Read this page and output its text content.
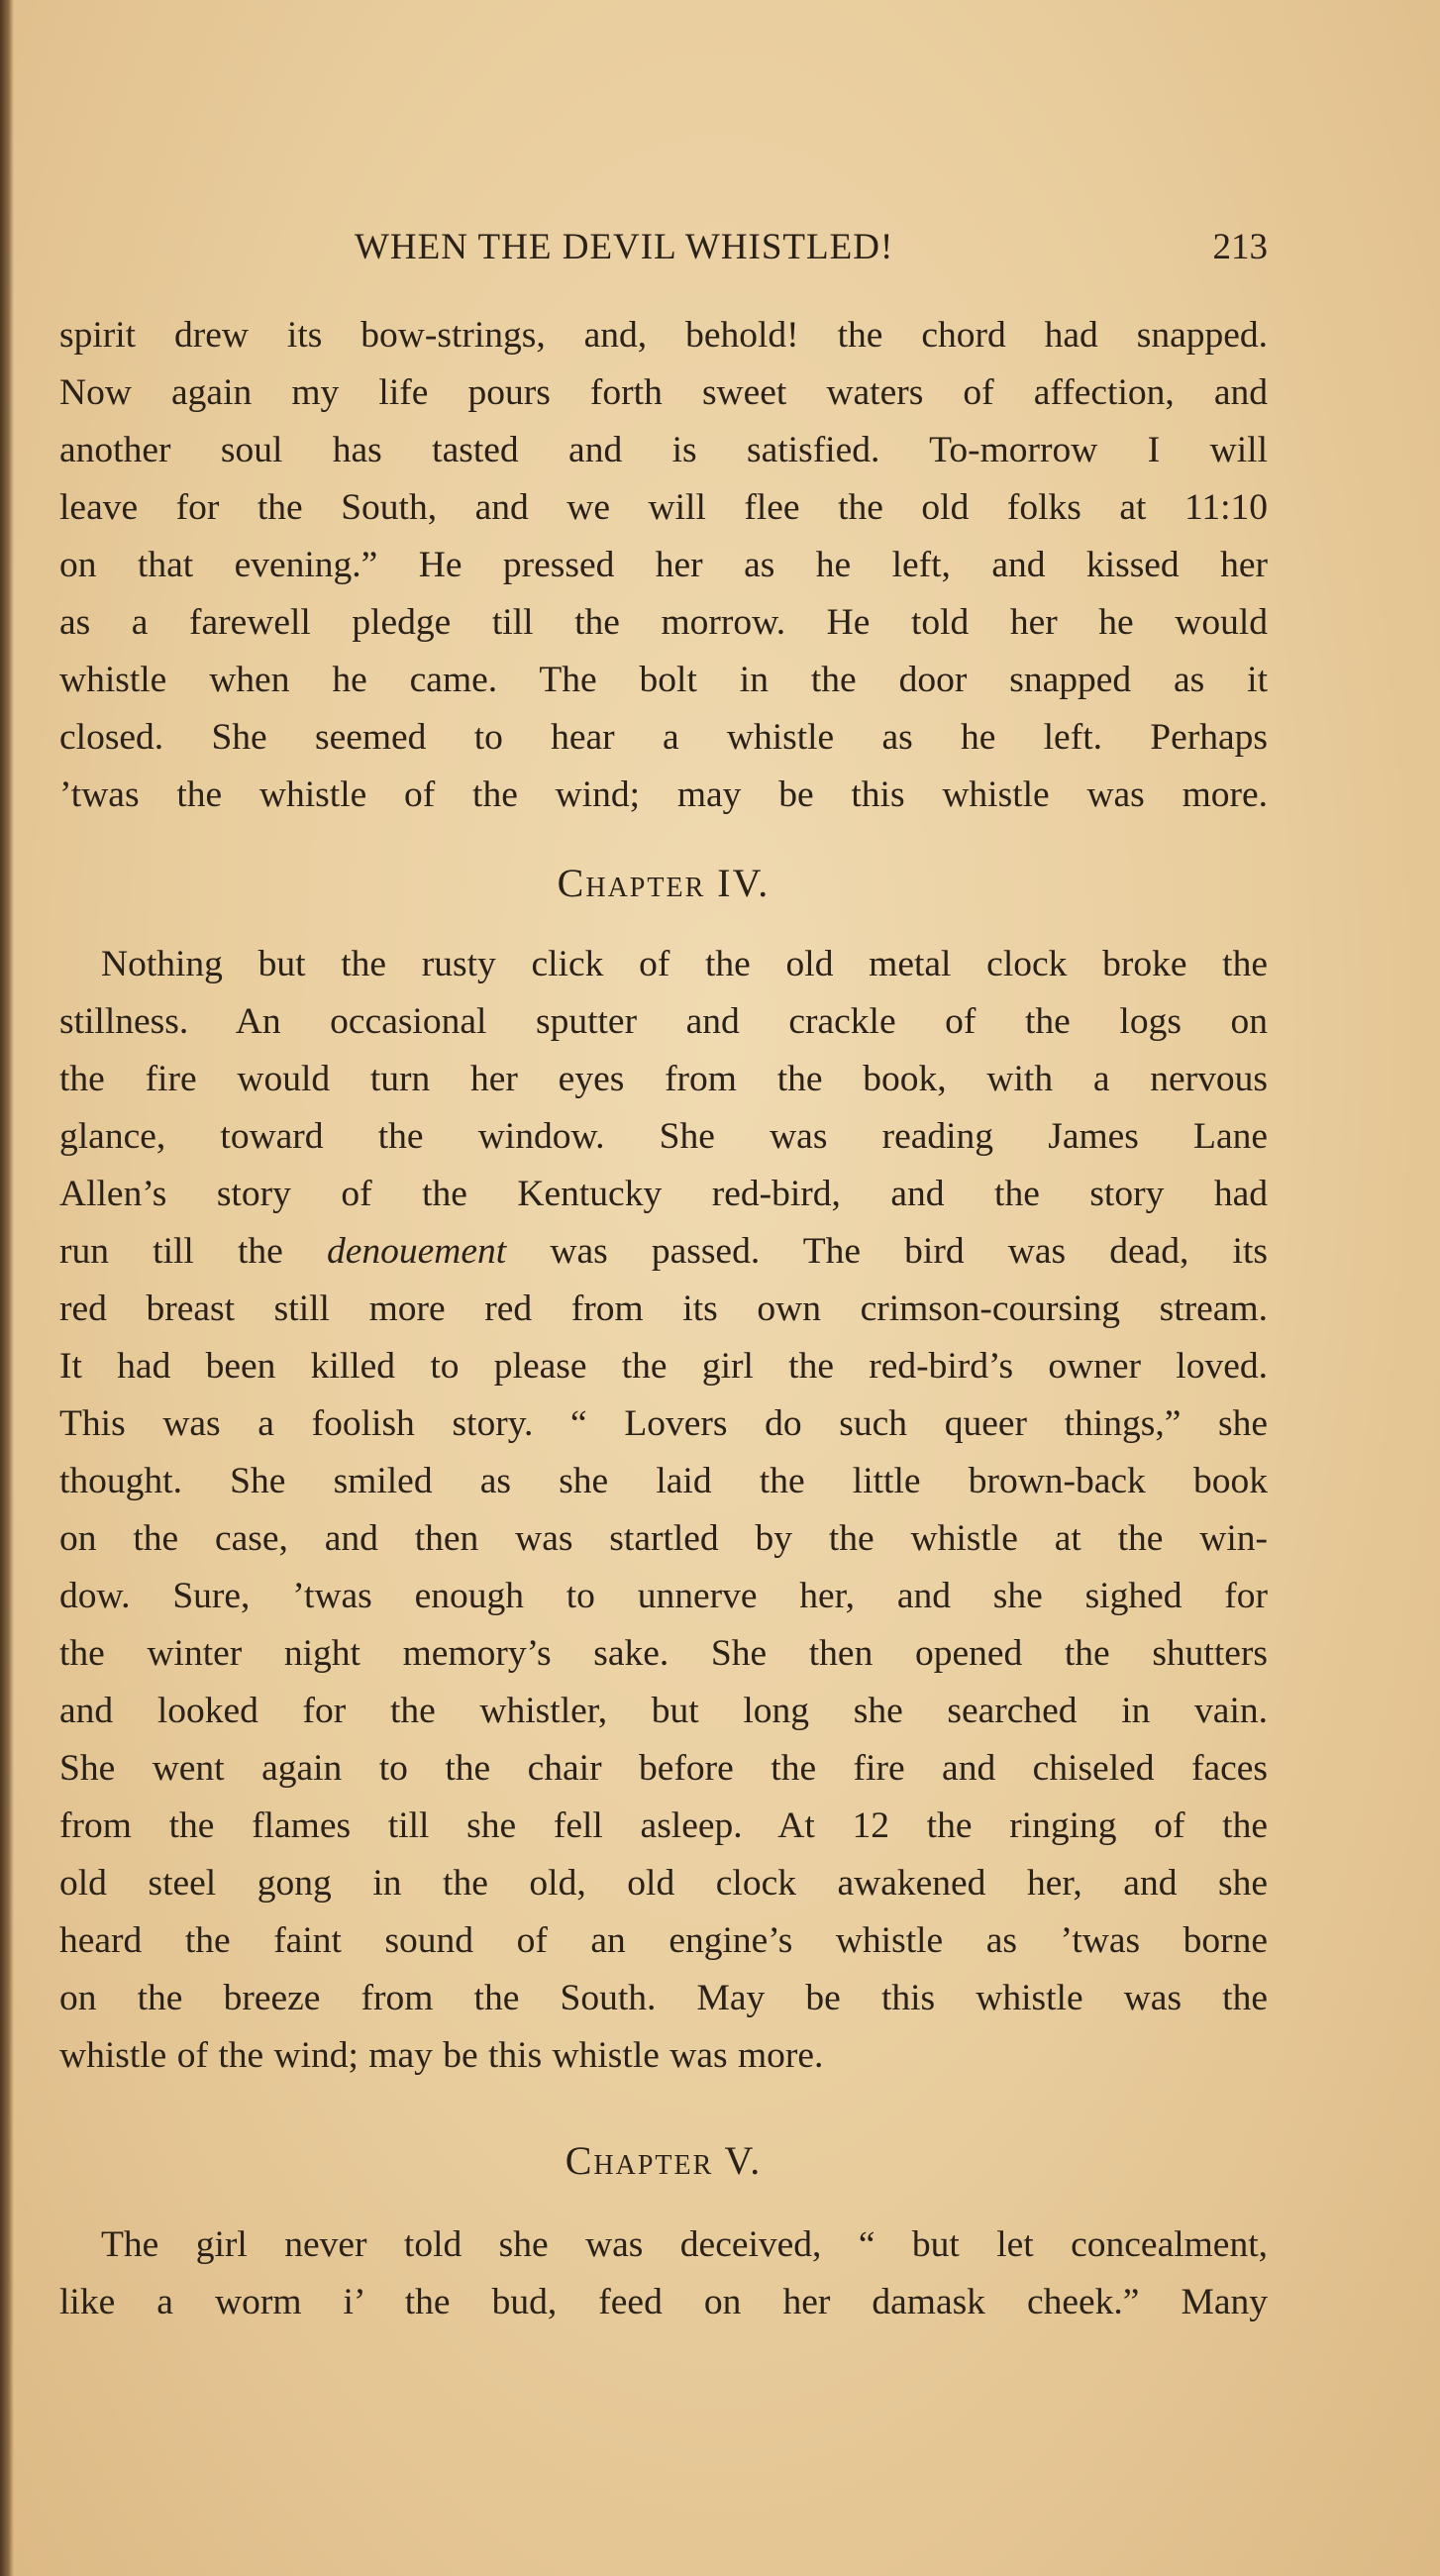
WHEN THE DEVIL WHISTLED!	213
spirit drew its bow-strings, and, behold! the chord had snapped.
Now again my life pours forth sweet waters of affection, and
another soul has tasted and is satisfied. To-morrow I will
leave for the South, and we will flee the old folks at 11:10
on that evening.” He pressed her as he left, and kissed her
as a farewell pledge till the morrow. He told her he would
whistle when he came. The bolt in the door snapped as it
closed. She seemed to hear a whistle as he left. Perhaps
’twas the whistle of the wind; may be this whistle was more.
Chapter IV.
Nothing but the rusty click of the old metal clock broke the
stillness. An occasional sputter and crackle of the logs on
the fire would turn her eyes from the book, with a nervous
glance, toward the window. She was reading James Lane
Allen’s story of the Kentucky red-bird, and the story had
run till the denouement was passed. The bird was dead, its
red breast still more red from its own crimson-coursing stream.
It had been killed to please the girl the red-bird’s owner loved.
This was a foolish story. “ Lovers do such queer things,” she
thought. She smiled as she laid the little brown-back book
on the case, and then was startled by the whistle at the win-
dow. Sure, ’twas enough to unnerve her, and she sighed for
the winter night memory’s sake. She then opened the shutters
and looked for the whistler, but long she searched in vain.
She went again to the chair before the fire and chiseled faces
from the flames till she fell asleep. At 12 the ringing of the
old steel gong in the old, old clock awakened her, and she
heard the faint sound of an engine’s whistle as ’twas borne
on the breeze from the South. May be this whistle was the
whistle of the wind; may be this whistle was more.
Chapter V.
The girl never told she was deceived, “ but let concealment,
like a worm i’ the bud, feed on her damask cheek.” Many
